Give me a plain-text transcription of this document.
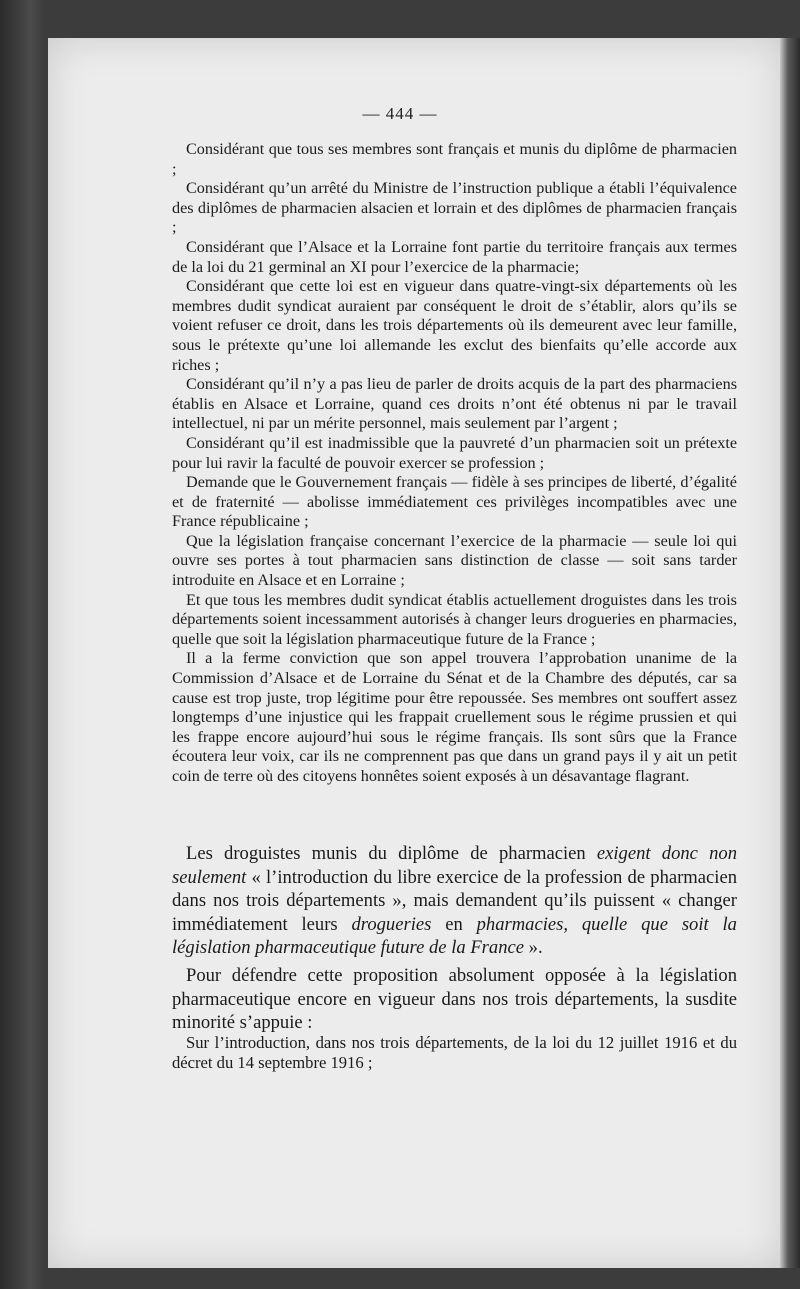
— 444 —

Considérant que tous ses membres sont français et munis du diplôme de pharmacien ;

Considérant qu’un arrêté du Ministre de l’instruction publique a établi l’équivalence des diplômes de pharmacien alsacien et lorrain et des diplômes de pharmacien français ;

Considérant que l’Alsace et la Lorraine font partie du territoire français aux termes de la loi du 21 germinal an XI pour l’exercice de la pharmacie;

Considérant que cette loi est en vigueur dans quatre-vingt-six départements où les membres dudit syndicat auraient par conséquent le droit de s’établir, alors qu’ils se voient refuser ce droit, dans les trois départements où ils demeurent avec leur famille, sous le prétexte qu’une loi allemande les exclut des bienfaits qu’elle accorde aux riches ;

Considérant qu’il n’y a pas lieu de parler de droits acquis de la part des pharmaciens établis en Alsace et Lorraine, quand ces droits n’ont été obtenus ni par le travail intellectuel, ni par un mérite personnel, mais seulement par l’argent ;

Considérant qu’il est inadmissible que la pauvreté d’un pharmacien soit un prétexte pour lui ravir la faculté de pouvoir exercer se profession ;

Demande que le Gouvernement français — fidèle à ses principes de liberté, d’égalité et de fraternité — abolisse immédiatement ces privilèges incompatibles avec une France républicaine ;

Que la législation française concernant l’exercice de la pharmacie — seule loi qui ouvre ses portes à tout pharmacien sans distinction de classe — soit sans tarder introduite en Alsace et en Lorraine ;

Et que tous les membres dudit syndicat établis actuellement droguistes dans les trois départements soient incessamment autorisés à changer leurs drogueries en pharmacies, quelle que soit la législation pharmaceutique future de la France ;

Il a la ferme conviction que son appel trouvera l’approbation unanime de la Commission d’Alsace et de Lorraine du Sénat et de la Chambre des députés, car sa cause est trop juste, trop légitime pour être repoussée. Ses membres ont souffert assez longtemps d’une injustice qui les frappait cruellement sous le régime prussien et qui les frappe encore aujourd’hui sous le régime français. Ils sont sûrs que la France écoutera leur voix, car ils ne comprennent pas que dans un grand pays il y ait un petit coin de terre où des citoyens honnêtes soient exposés à un désavantage flagrant.

Les droguistes munis du diplôme de pharmacien exigent donc non seulement « l’introduction du libre exercice de la profession de pharmacien dans nos trois départements », mais demandent qu’ils puissent « changer immédiatement leurs drogueries en pharmacies, quelle que soit la législation pharmaceutique future de la France ».

Pour défendre cette proposition absolument opposée à la législation pharmaceutique encore en vigueur dans nos trois départements, la susdite minorité s’appuie :

Sur l’introduction, dans nos trois départements, de la loi du 12 juillet 1916 et du décret du 14 septembre 1916 ;
